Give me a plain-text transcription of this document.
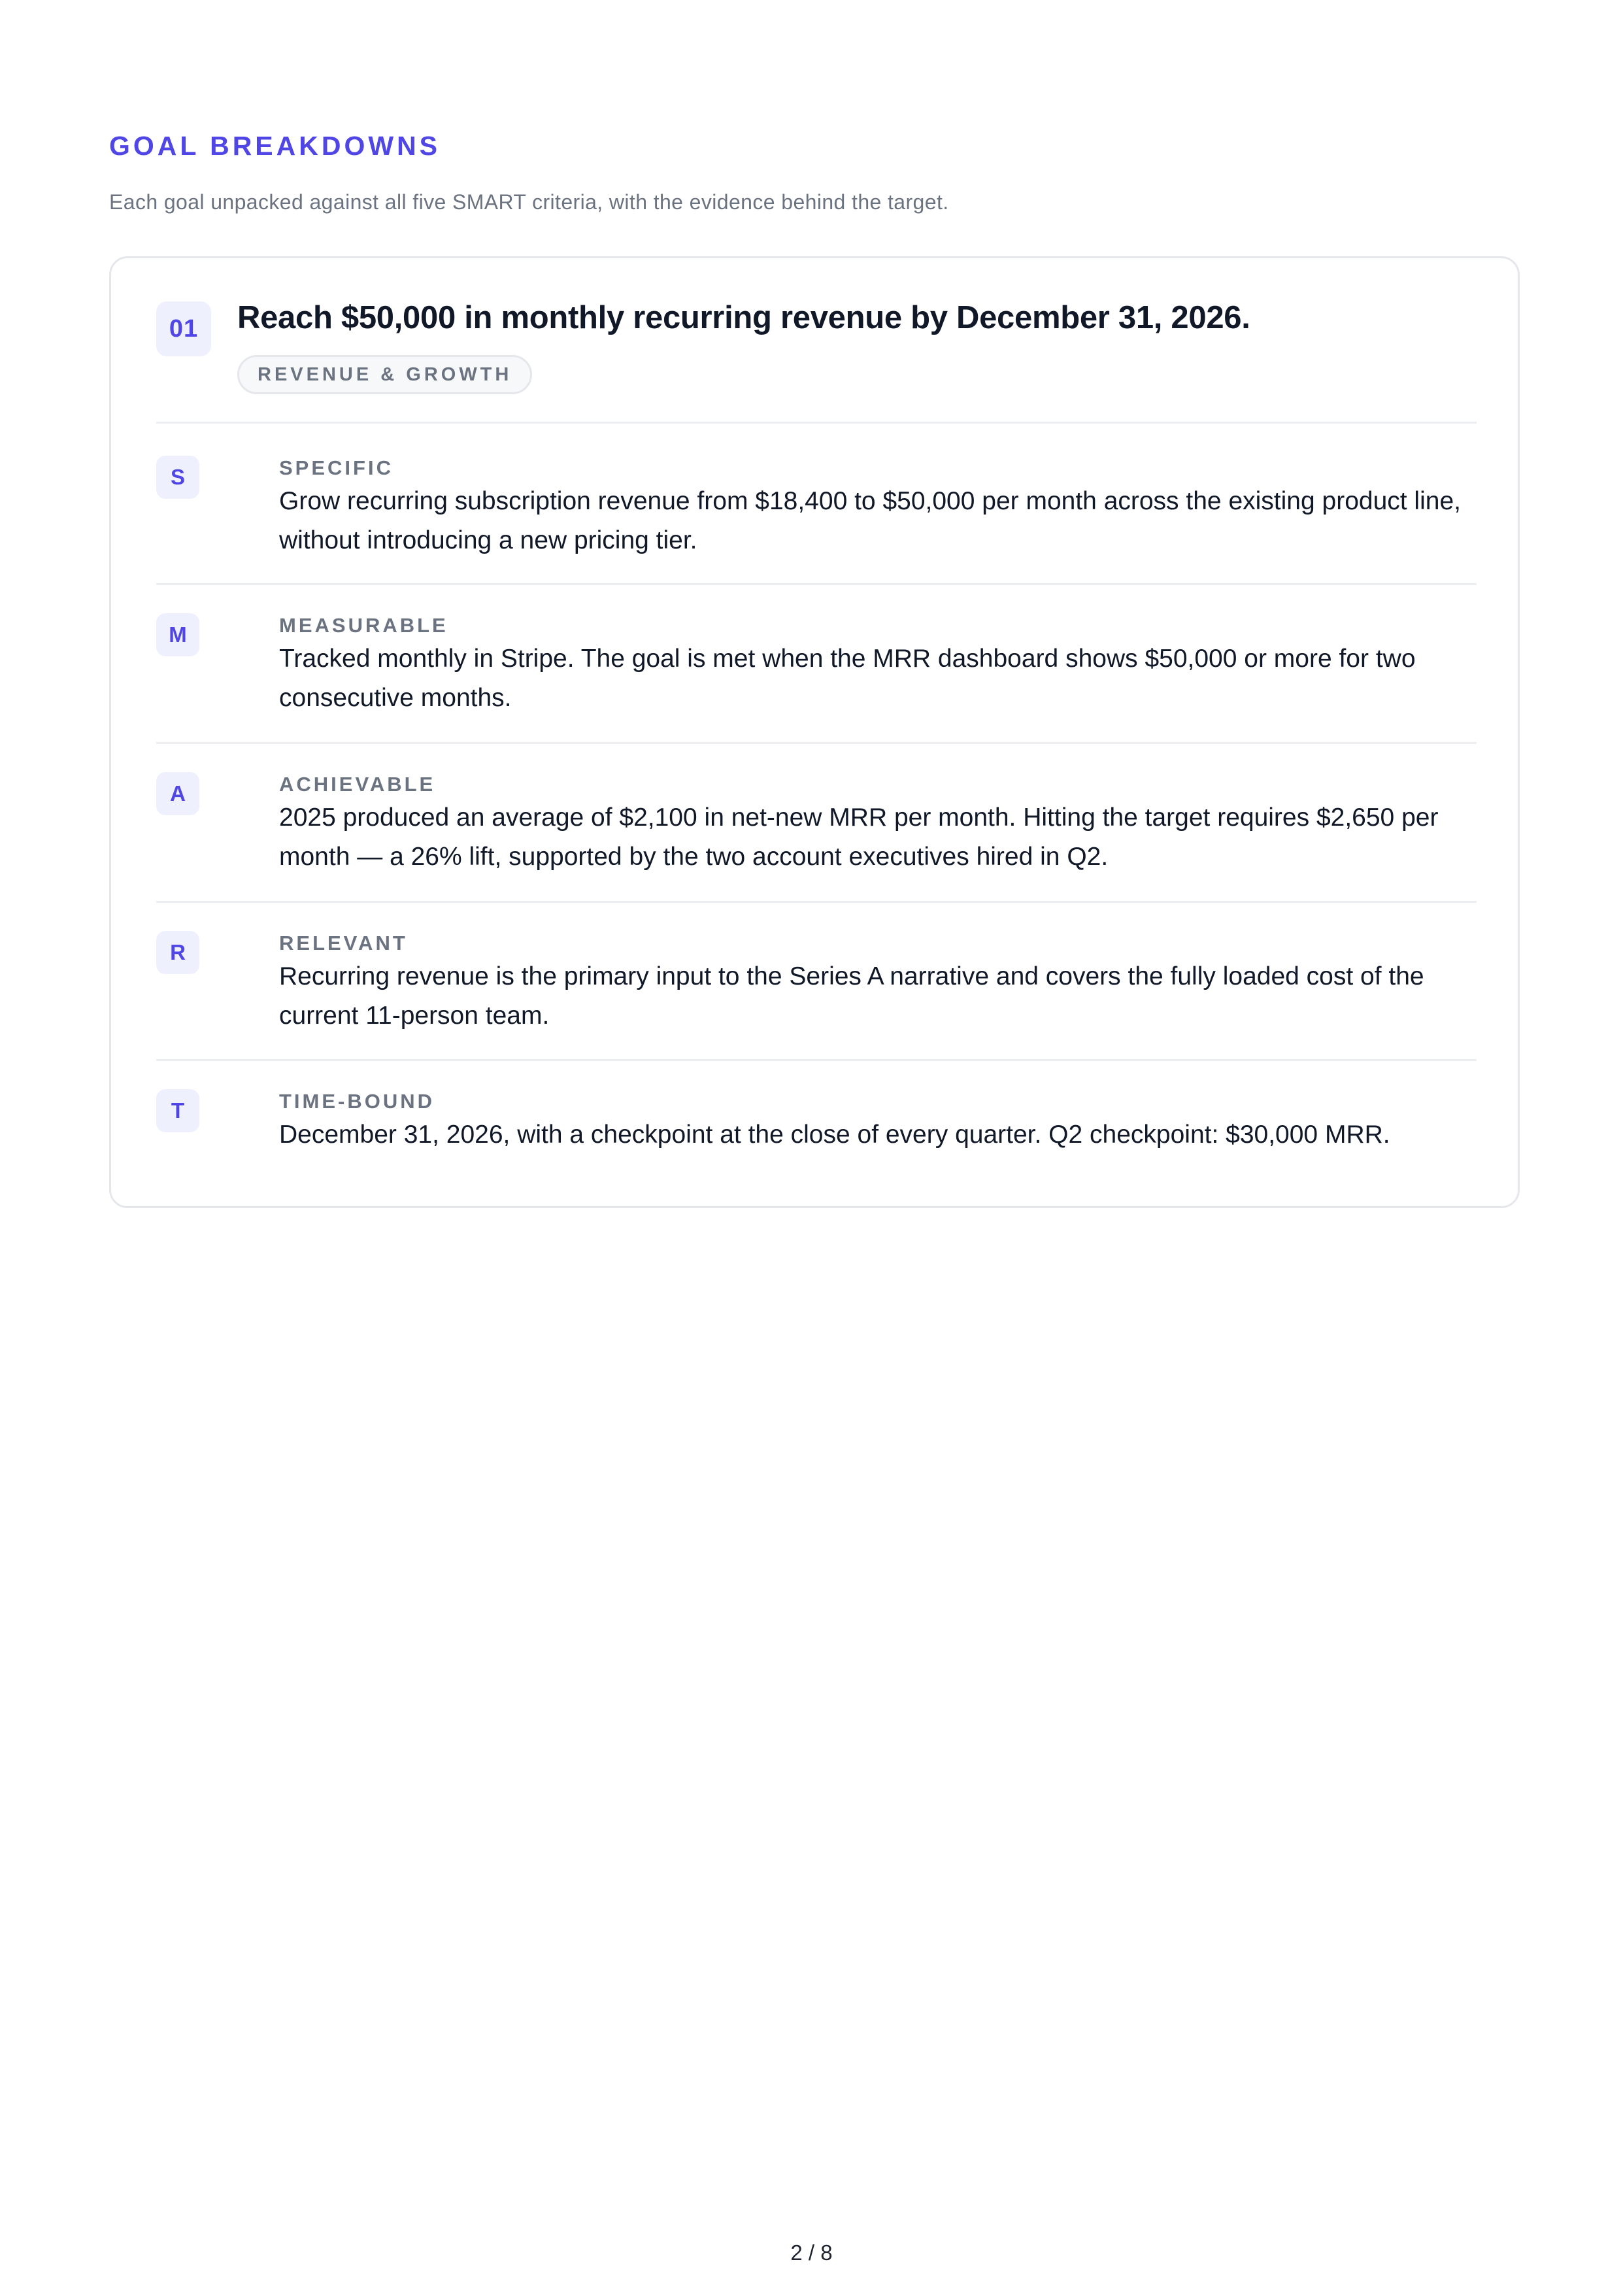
GOAL BREAKDOWNS
Each goal unpacked against all five SMART criteria, with the evidence behind the target.
01	Reach $50,000 in monthly recurring revenue by December 31, 2026.
REVENUE & GROWTH
S	SPECIFIC
Grow recurring subscription revenue from $18,400 to $50,000 per month across the existing product line, without introducing a new pricing tier.
M	MEASURABLE
Tracked monthly in Stripe. The goal is met when the MRR dashboard shows $50,000 or more for two consecutive months.
A	ACHIEVABLE
2025 produced an average of $2,100 in net-new MRR per month. Hitting the target requires $2,650 per month — a 26% lift, supported by the two account executives hired in Q2.
R	RELEVANT
Recurring revenue is the primary input to the Series A narrative and covers the fully loaded cost of the current 11-person team.
T	TIME-BOUND
December 31, 2026, with a checkpoint at the close of every quarter. Q2 checkpoint: $30,000 MRR.
2 / 8
